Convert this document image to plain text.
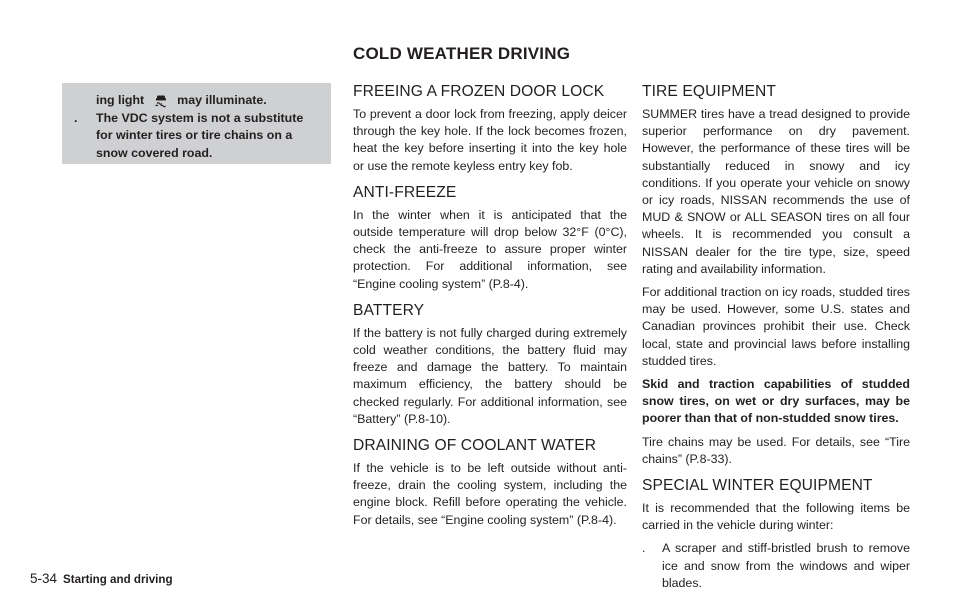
COLD WEATHER DRIVING
ing light	may illuminate.
. The VDC system is not a substitute for winter tires or tire chains on a snow covered road.
FREEING A FROZEN DOOR LOCK

To prevent a door lock from freezing, apply deicer through the key hole. If the lock becomes frozen, heat the key before inserting it into the key hole or use the remote keyless entry key fob.

ANTI-FREEZE

In the winter when it is anticipated that the outside temperature will drop below 32°F (0°C), check the anti-freeze to assure proper winter protection. For additional information, see “Engine cooling system” (P.8-4).

BATTERY

If the battery is not fully charged during extremely cold weather conditions, the battery fluid may freeze and damage the battery. To maintain maximum efficiency, the battery should be checked regularly. For additional information, see “Battery” (P.8-10).

DRAINING OF COOLANT WATER

If the vehicle is to be left outside without anti-freeze, drain the cooling system, including the engine block. Refill before operating the vehicle. For details, see “Engine cooling system” (P.8-4).

TIRE EQUIPMENT

SUMMER tires have a tread designed to provide superior performance on dry pavement. However, the performance of these tires will be substantially reduced in snowy and icy conditions. If you operate your vehicle on snowy or icy roads, NISSAN recommends the use of MUD & SNOW or ALL SEASON tires on all four wheels. It is recommended you consult a NISSAN dealer for the tire type, size, speed rating and availability information.

For additional traction on icy roads, studded tires may be used. However, some U.S. states and Canadian provinces prohibit their use. Check local, state and provincial laws before installing studded tires.

Skid and traction capabilities of studded snow tires, on wet or dry surfaces, may be poorer than that of non-studded snow tires.

Tire chains may be used. For details, see “Tire chains” (P.8-33).

SPECIAL WINTER EQUIPMENT

It is recommended that the following items be carried in the vehicle during winter:

. A scraper and stiff-bristled brush to remove ice and snow from the windows and wiper blades.

5-34 Starting and driving
